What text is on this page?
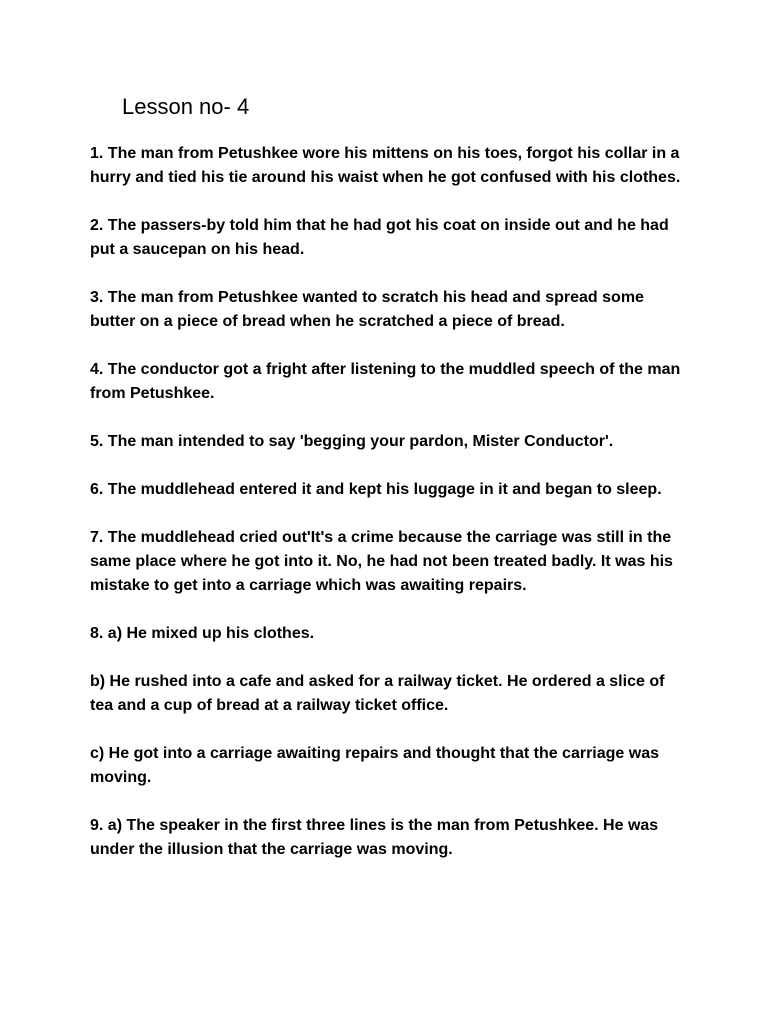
Lesson no- 4

1. The man from Petushkee wore his mittens on his toes, forgot his collar in a hurry and tied his tie around his waist when he got confused with his clothes.

2. The passers-by told him that he had got his coat on inside out and he had put a saucepan on his head.

3. The man from Petushkee wanted to scratch his head and spread some butter on a piece of bread when he scratched a piece of bread.

4. The conductor got a fright after listening to the muddled speech of the man from Petushkee.

5. The man intended to say 'begging your pardon, Mister Conductor'.

6. The muddlehead entered it and kept his luggage in it and began to sleep.

7. The muddlehead cried out'It's a crime because the carriage was still in the same place where he got into it. No, he had not been treated badly. It was his mistake to get into a carriage which was awaiting repairs.

8. a) He mixed up his clothes.

b) He rushed into a cafe and asked for a railway ticket. He ordered a slice of tea and a cup of bread at a railway ticket office.

c) He got into a carriage awaiting repairs and thought that the carriage was moving.

9. a) The speaker in the first three lines is the man from Petushkee. He was under the illusion that the carriage was moving.
